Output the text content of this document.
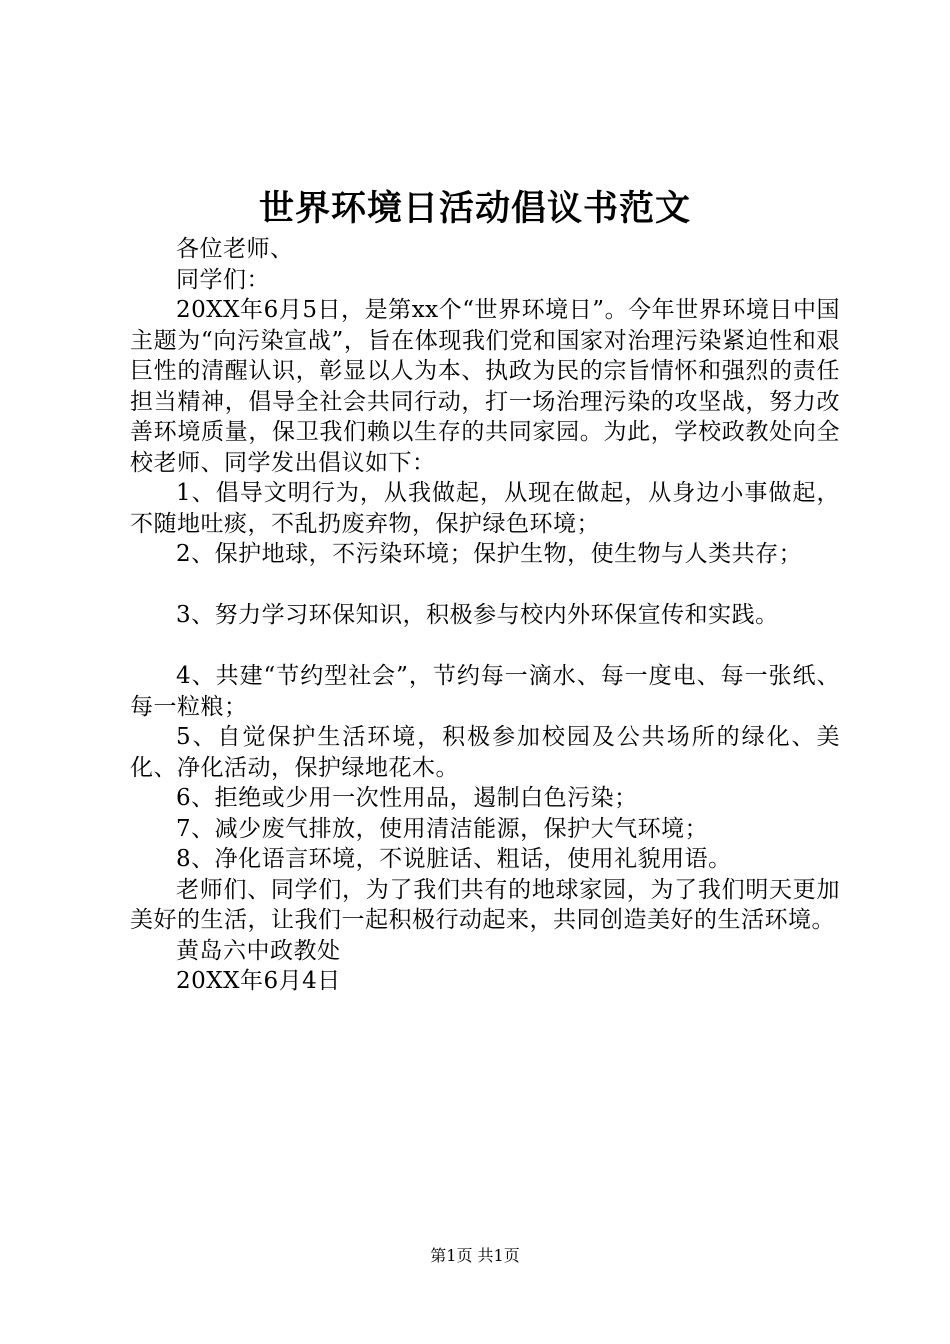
世界环境日活动倡议书范文

各位老师、

同学们：

20XX年6月5日，是第xx个“世界环境日”。今年世界环境日中国主题为“向污染宣战”，旨在体现我们党和国家对治理污染紧迫性和艰巨性的清醒认识，彰显以人为本、执政为民的宗旨情怀和强烈的责任担当精神，倡导全社会共同行动，打一场治理污染的攻坚战，努力改善环境质量，保卫我们赖以生存的共同家园。为此，学校政教处向全校老师、同学发出倡议如下：

1、倡导文明行为，从我做起，从现在做起，从身边小事做起，不随地吐痰，不乱扔废弃物，保护绿色环境；

2、保护地球，不污染环境；保护生物，使生物与人类共存；

3、努力学习环保知识，积极参与校内外环保宣传和实践。

4、共建“节约型社会”，节约每一滴水、每一度电、每一张纸、每一粒粮；

5、自觉保护生活环境，积极参加校园及公共场所的绿化、美化、净化活动，保护绿地花木。

6、拒绝或少用一次性用品，遏制白色污染；

7、减少废气排放，使用清洁能源，保护大气环境；

8、净化语言环境，不说脏话、粗话，使用礼貌用语。

老师们、同学们，为了我们共有的地球家园，为了我们明天更加美好的生活，让我们一起积极行动起来，共同创造美好的生活环境。

黄岛六中政教处

20XX年6月4日

第1页 共1页
